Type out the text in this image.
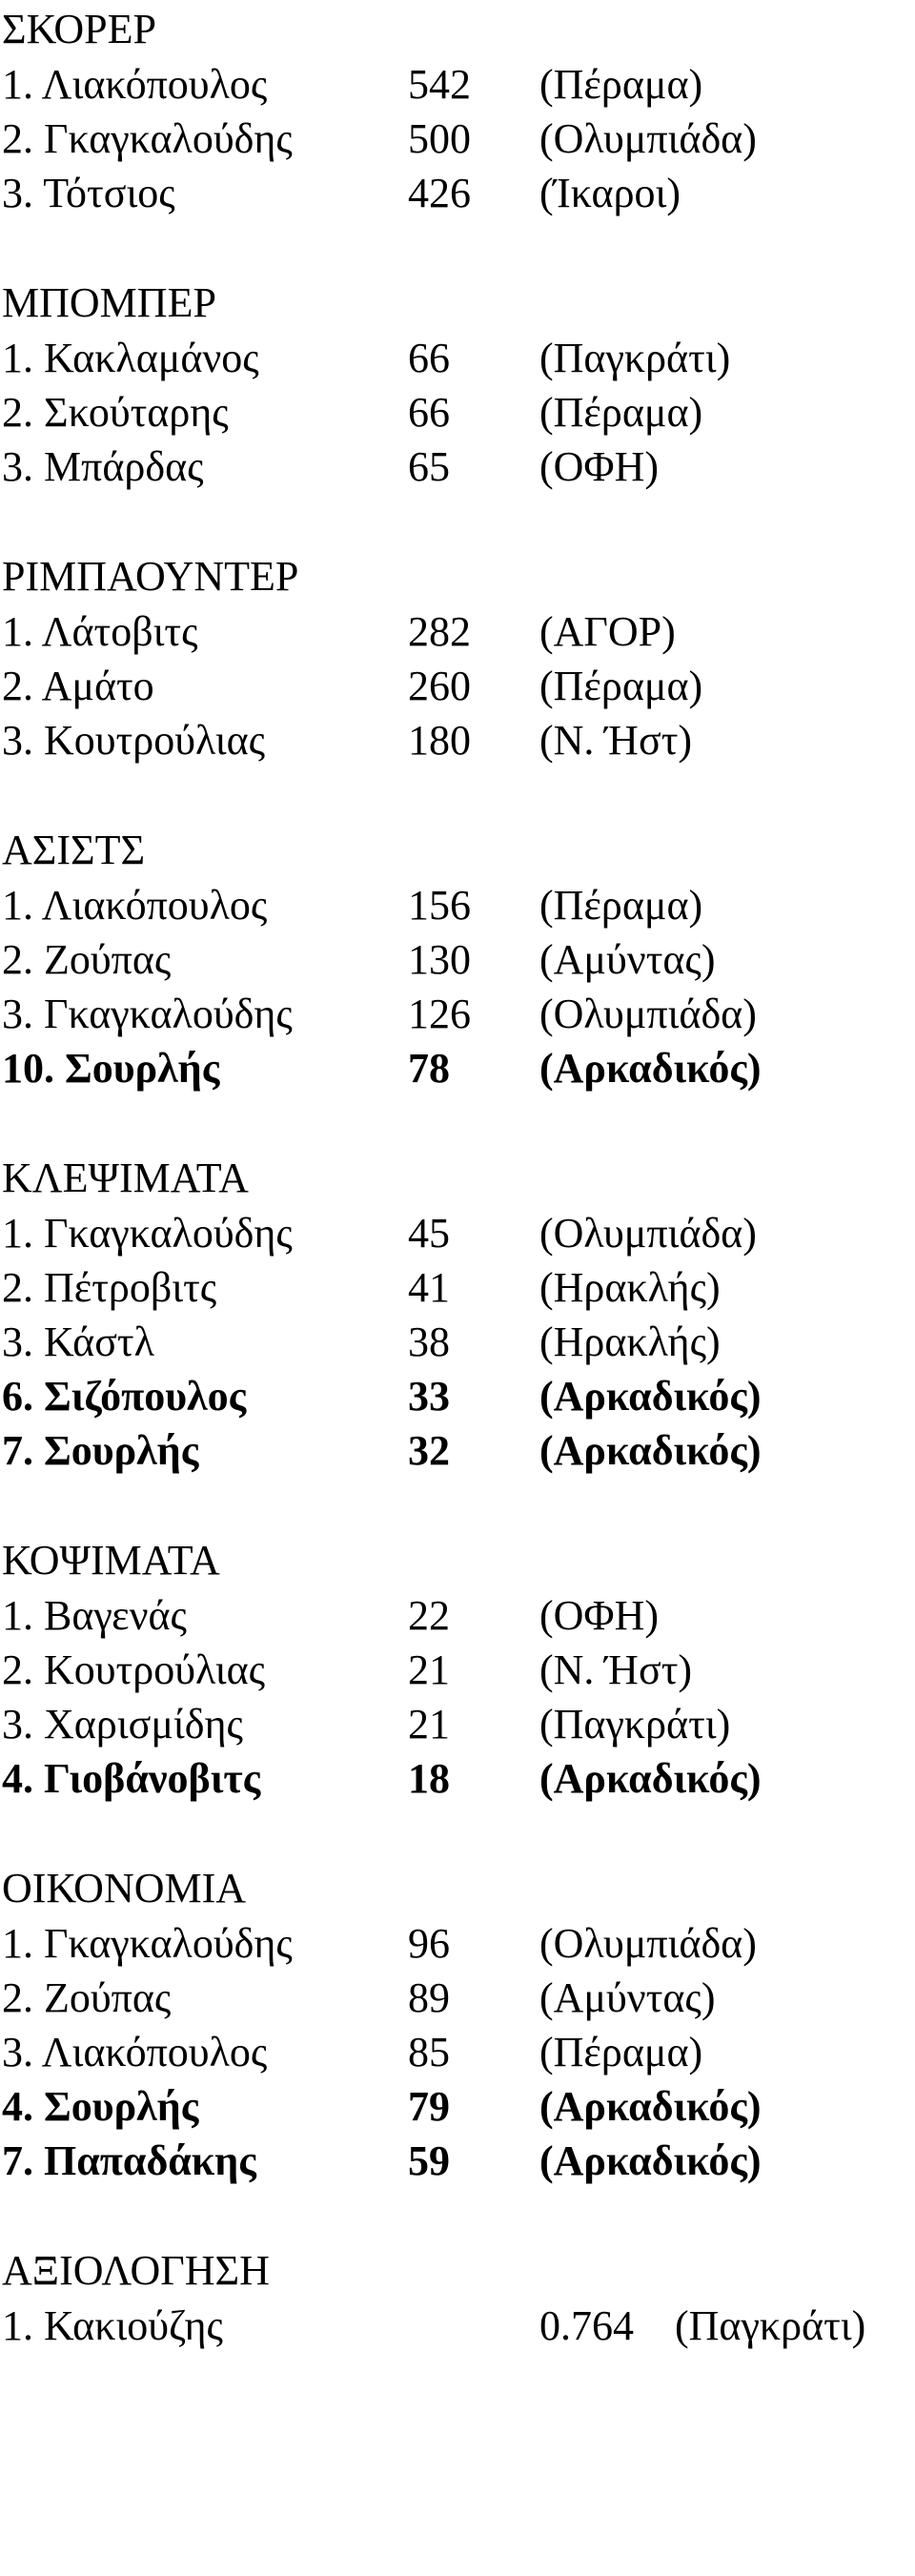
ΣΚΟΡΕΡ
1. Λιακόπουλος	542 (Πέραμα)
2. Γκαγκαλούδης	500 (Ολυμπιάδα)
3. Τότσιος	426 (Ίκαροι)
ΜΠΟΜΠΕΡ
1. Κακλαμάνος	66 (Παγκράτι)
2. Σκούταρης	66 (Πέραμα)
3. Μπάρδας	65 (ΟΦΗ)
ΡΙΜΠΑΟΥΝΤΕΡ
1. Λάτοβιτς	282 (ΑΓΟΡ)
2. Αμάτο	260 (Πέραμα)
3. Κουτρούλιας	180 (Ν. Ήστ)
ΑΣΙΣΤΣ
1. Λιακόπουλος	156 (Πέραμα)
2. Ζούπας	130 (Αμύντας)
3. Γκαγκαλούδης	126 (Ολυμπιάδα)
10. Σουρλής	78 (Αρκαδικός)
ΚΛΕΨΙΜΑΤΑ
1. Γκαγκαλούδης	45 (Ολυμπιάδα)
2. Πέτροβιτς	41 (Ηρακλής)
3. Κάστλ	38 (Ηρακλής)
6. Σιζόπουλος	33 (Αρκαδικός)
7. Σουρλής	32 (Αρκαδικός)
ΚΟΨΙΜΑΤΑ
1. Βαγενάς	22 (ΟΦΗ)
2. Κουτρούλιας	21 (Ν. Ήστ)
3. Χαρισμίδης	21 (Παγκράτι)
4. Γιοβάνοβιτς	18 (Αρκαδικός)
ΟΙΚΟΝΟΜΙΑ
1. Γκαγκαλούδης	96 (Ολυμπιάδα)
2. Ζούπας	89 (Αμύντας)
3. Λιακόπουλος	85 (Πέραμα)
4. Σουρλής	79 (Αρκαδικός)
7. Παπαδάκης	59 (Αρκαδικός)
ΑΞΙΟΛΟΓΗΣΗ
1. Κακιούζης	0.764 (Παγκράτι)
